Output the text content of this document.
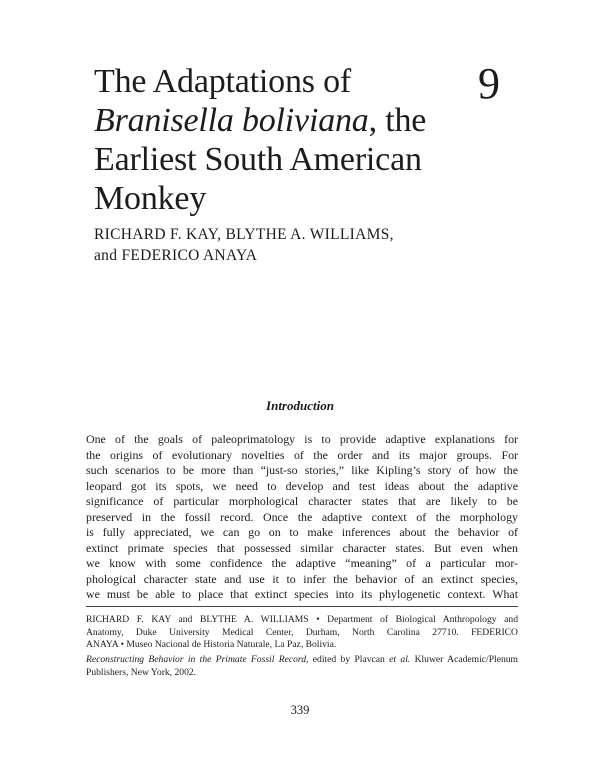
The Adaptations of
Branisella boliviana, the
Earliest South American
Monkey
9
RICHARD F. KAY, BLYTHE A. WILLIAMS,
and FEDERICO ANAYA
Introduction
One of the goals of paleoprimatology is to provide adaptive explanations for
the origins of evolutionary novelties of the order and its major groups. For
such scenarios to be more than “just-so stories,” like Kipling’s story of how the
leopard got its spots, we need to develop and test ideas about the adaptive
significance of particular morphological character states that are likely to be
preserved in the fossil record. Once the adaptive context of the morphology
is fully appreciated, we can go on to make inferences about the behavior of
extinct primate species that possessed similar character states. But even when
we know with some confidence the adaptive “meaning” of a particular mor-
phological character state and use it to infer the behavior of an extinct species,
we must be able to place that extinct species into its phylogenetic context. What
RICHARD F. KAY and BLYTHE A. WILLIAMS • Department of Biological Anthropology and
Anatomy, Duke University Medical Center, Durham, North Carolina 27710. FEDERICO
ANAYA • Museo Nacional de Historia Naturale, La Paz, Bolivia.
Reconstructing Behavior in the Primate Fossil Record, edited by Plavcan et al. Kluwer Academic/Plenum
Publishers, New York, 2002.
339
